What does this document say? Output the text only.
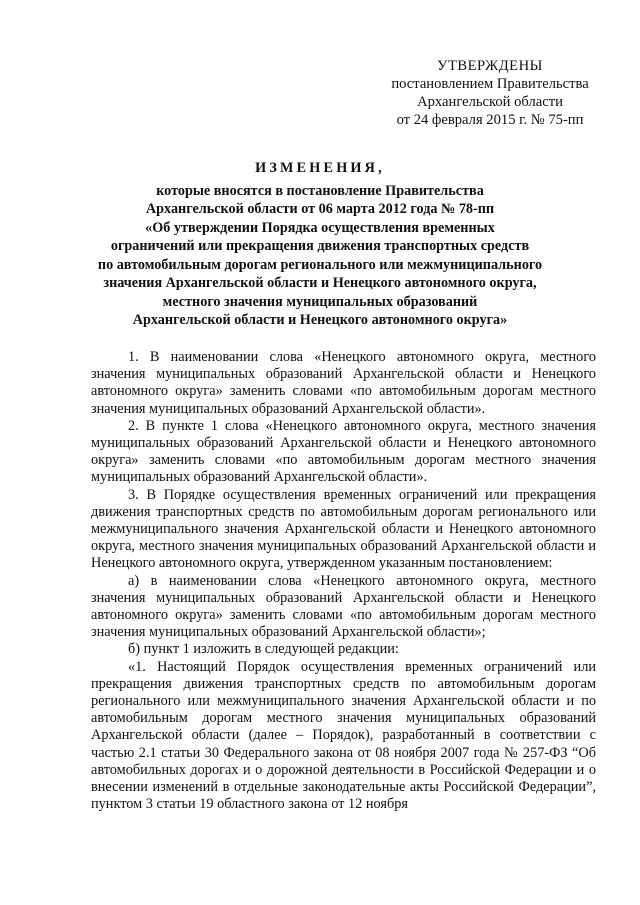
УТВЕРЖДЕНЫ
постановлением Правительства
Архангельской области
от 24 февраля 2015 г. № 75-пп
ИЗМЕНЕНИЯ,
которые вносятся в постановление Правительства
Архангельской области от 06 марта 2012 года № 78-пп
«Об утверждении Порядка осуществления временных
ограничений или прекращения движения транспортных средств
по автомобильным дорогам регионального или межмуниципального
значения Архангельской области и Ненецкого автономного округа,
местного значения муниципальных образований
Архангельской области и Ненецкого автономного округа»

1. В наименовании слова «Ненецкого автономного округа, местного значения муниципальных образований Архангельской области и Ненецкого автономного округа» заменить словами «по автомобильным дорогам местного значения муниципальных образований Архангельской области».

2. В пункте 1 слова «Ненецкого автономного округа, местного значения муниципальных образований Архангельской области и Ненецкого автономного округа» заменить словами «по автомобильным дорогам местного значения муниципальных образований Архангельской области».

3. В Порядке осуществления временных ограничений или прекращения движения транспортных средств по автомобильным дорогам регионального или межмуниципального значения Архангельской области и Ненецкого автономного округа, местного значения муниципальных образований Архангельской области и Ненецкого автономного округа, утвержденном указанным постановлением:

а) в наименовании слова «Ненецкого автономного округа, местного значения муниципальных образований Архангельской области и Ненецкого автономного округа» заменить словами «по автомобильным дорогам местного значения муниципальных образований Архангельской области»;

б) пункт 1 изложить в следующей редакции:

«1. Настоящий Порядок осуществления временных ограничений или прекращения движения транспортных средств по автомобильным дорогам регионального или межмуниципального значения Архангельской области и по автомобильным дорогам местного значения муниципальных образований Архангельской области (далее – Порядок), разработанный в соответствии с частью 2.1 статьи 30 Федерального закона от 08 ноября 2007 года № 257-ФЗ “Об автомобильных дорогах и о дорожной деятельности в Российской Федерации и о внесении изменений в отдельные законодательные акты Российской Федерации”, пунктом 3 статьи 19 областного закона от 12 ноября
